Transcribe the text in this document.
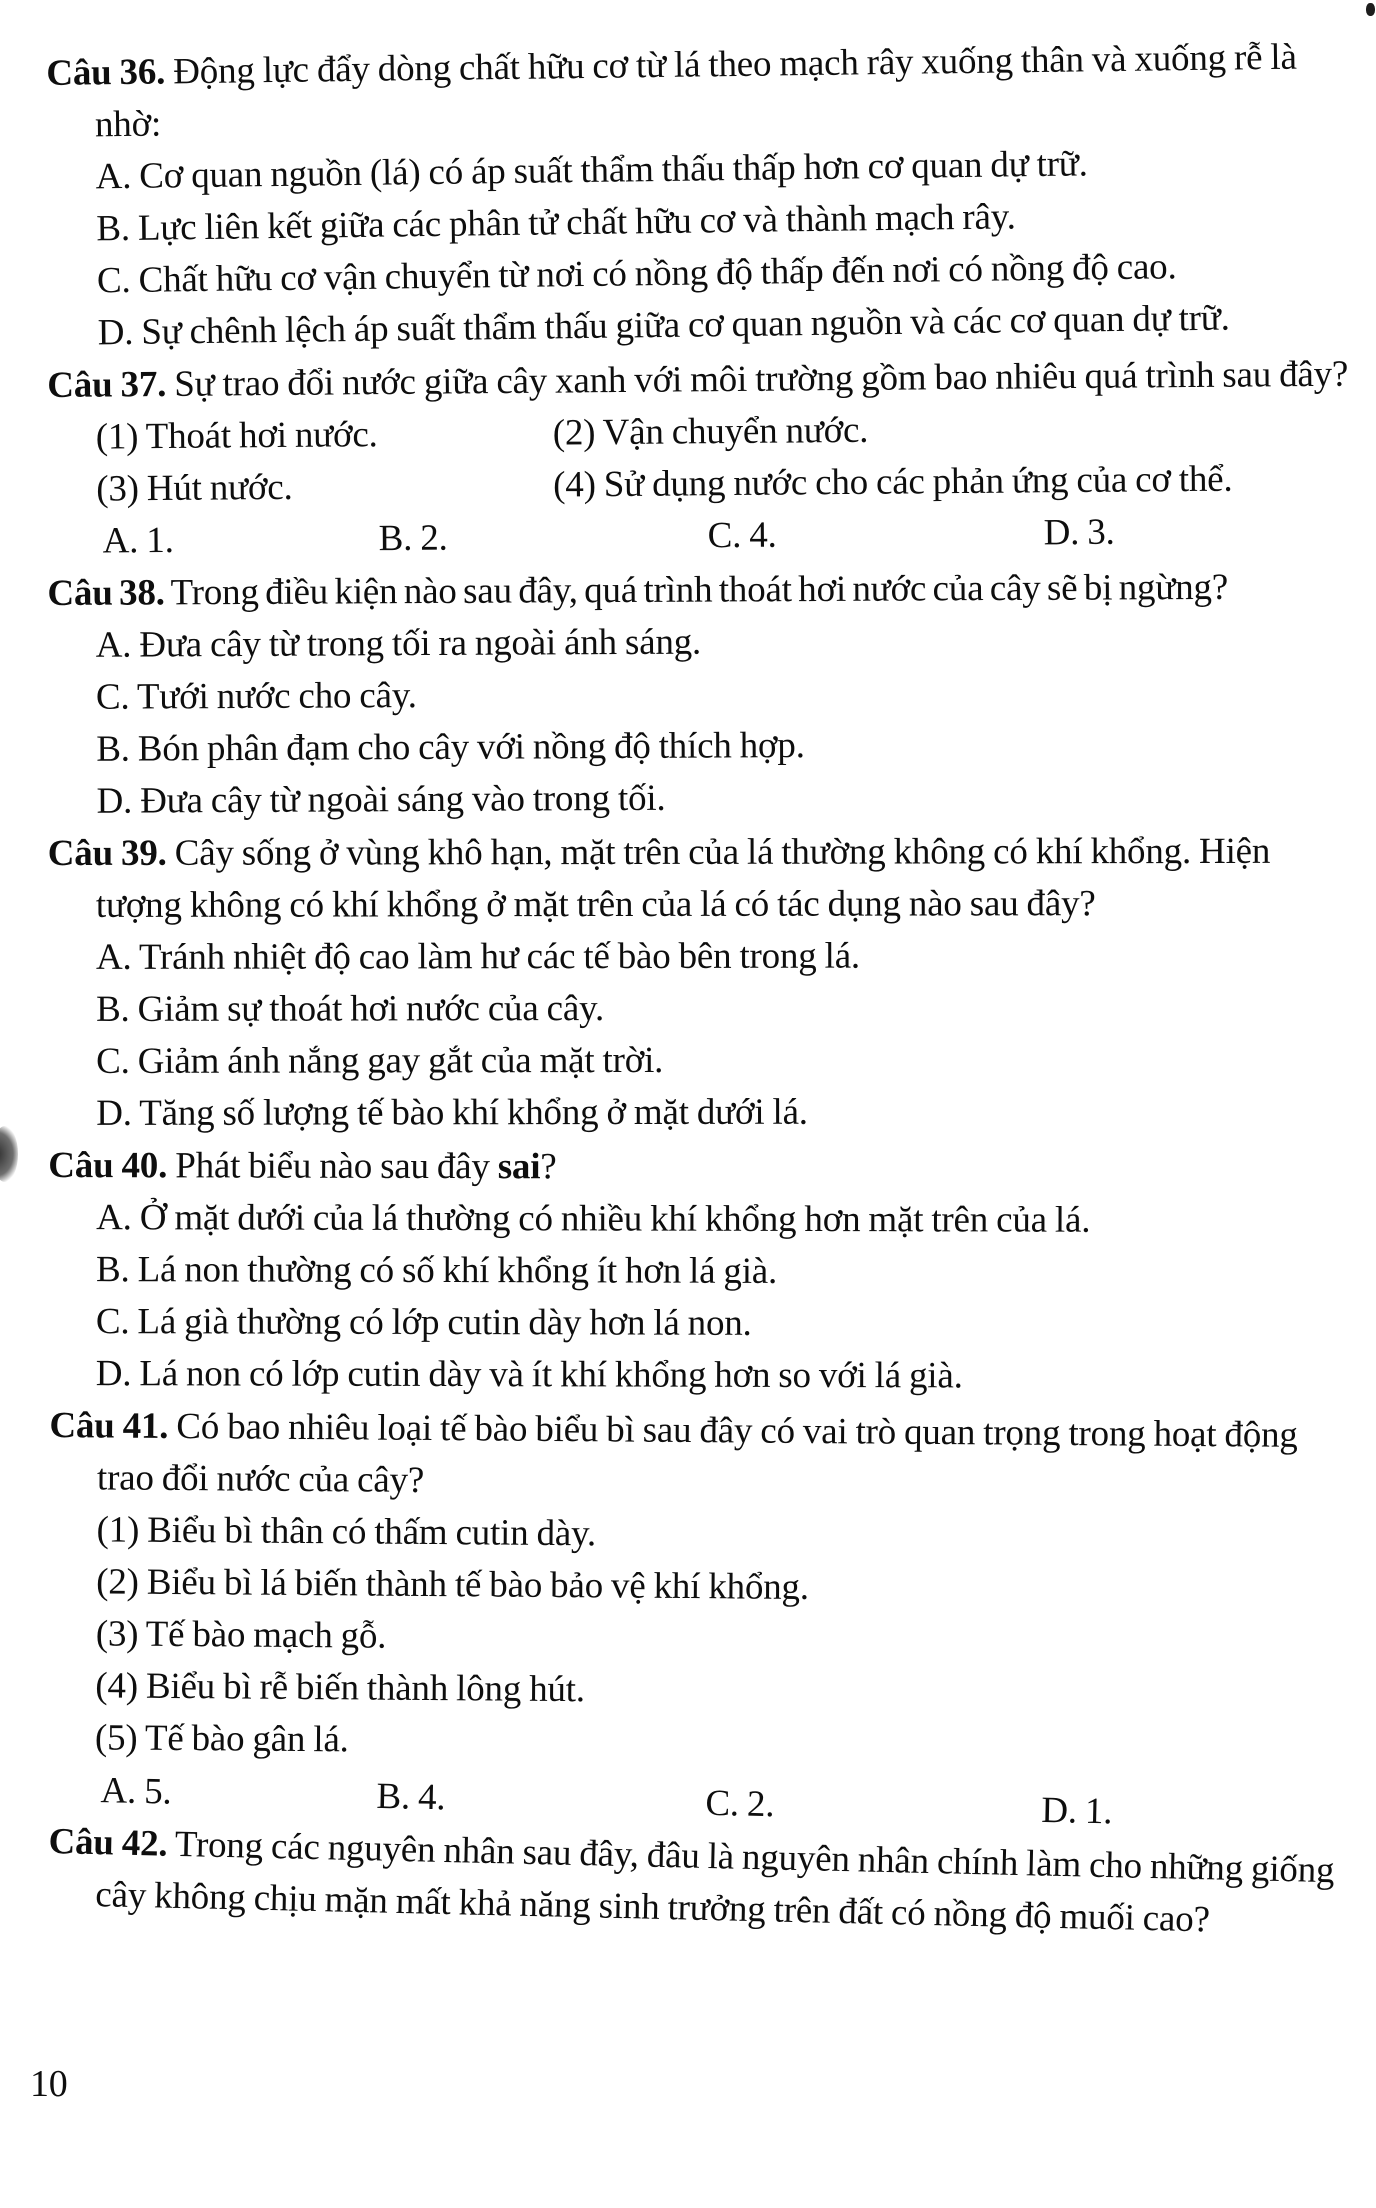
Câu 36. Động lực đẩy dòng chất hữu cơ từ lá theo mạch rây xuống thân và xuống rễ là nhờ:

A. Cơ quan nguồn (lá) có áp suất thẩm thấu thấp hơn cơ quan dự trữ.

B. Lực liên kết giữa các phân tử chất hữu cơ và thành mạch rây.

C. Chất hữu cơ vận chuyển từ nơi có nồng độ thấp đến nơi có nồng độ cao.

D. Sự chênh lệch áp suất thẩm thấu giữa cơ quan nguồn và các cơ quan dự trữ.

Câu 37. Sự trao đổi nước giữa cây xanh với môi trường gồm bao nhiêu quá trình sau đây?

(1) Thoát hơi nước.	(2) Vận chuyển nước.

(3) Hút nước.	(4) Sử dụng nước cho các phản ứng của cơ thể.

A. 1.	B. 2.	C. 4.	D. 3.

Câu 38. Trong điều kiện nào sau đây, quá trình thoát hơi nước của cây sẽ bị ngừng?

A. Đưa cây từ trong tối ra ngoài ánh sáng.

C. Tưới nước cho cây.

B. Bón phân đạm cho cây với nồng độ thích hợp.

D. Đưa cây từ ngoài sáng vào trong tối.

Câu 39. Cây sống ở vùng khô hạn, mặt trên của lá thường không có khí khổng. Hiện tượng không có khí khổng ở mặt trên của lá có tác dụng nào sau đây?

A. Tránh nhiệt độ cao làm hư các tế bào bên trong lá.

B. Giảm sự thoát hơi nước của cây.

C. Giảm ánh nắng gay gắt của mặt trời.

D. Tăng số lượng tế bào khí khổng ở mặt dưới lá.

Câu 40. Phát biểu nào sau đây sai?

A. Ở mặt dưới của lá thường có nhiều khí khổng hơn mặt trên của lá.

B. Lá non thường có số khí khổng ít hơn lá già.

C. Lá già thường có lớp cutin dày hơn lá non.

D. Lá non có lớp cutin dày và ít khí khổng hơn so với lá già.

Câu 41. Có bao nhiêu loại tế bào biểu bì sau đây có vai trò quan trọng trong hoạt động trao đổi nước của cây?

(1) Biểu bì thân có thấm cutin dày.

(2) Biểu bì lá biến thành tế bào bảo vệ khí khổng.

(3) Tế bào mạch gỗ.

(4) Biểu bì rễ biến thành lông hút.

(5) Tế bào gân lá.

A. 5.	B. 4.	C. 2.	D. 1.

Câu 42. Trong các nguyên nhân sau đây, đâu là nguyên nhân chính làm cho những giống cây không chịu mặn mất khả năng sinh trưởng trên đất có nồng độ muối cao?

10
